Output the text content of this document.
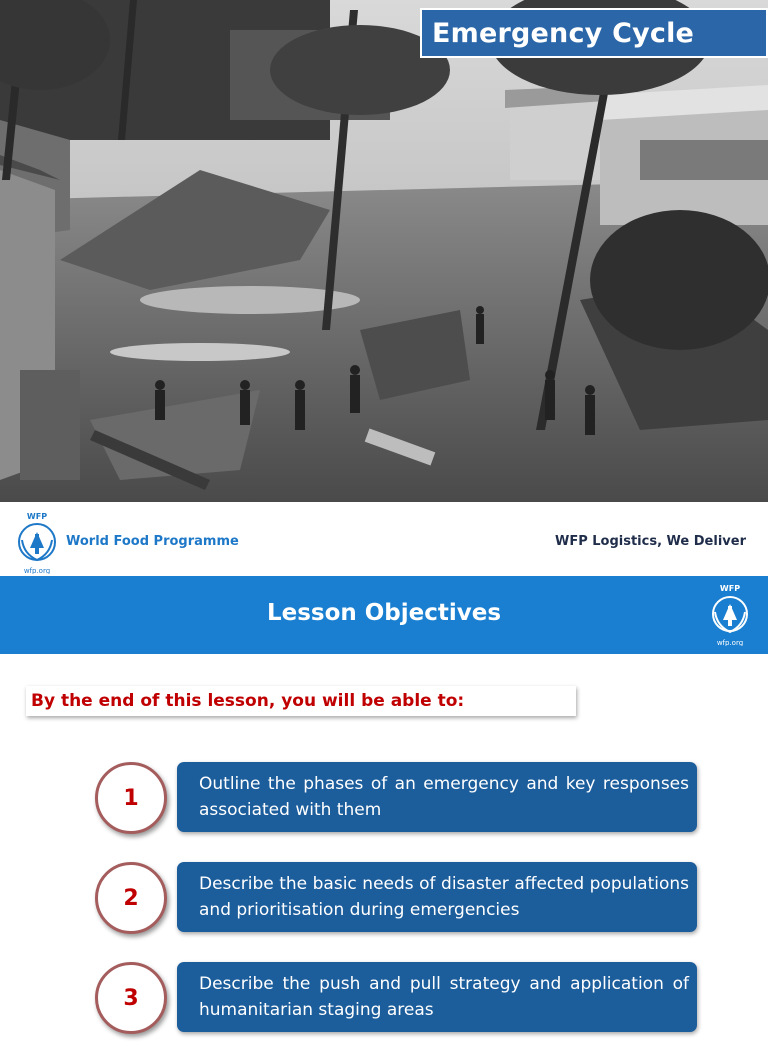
Emergency Cycle
WFP
wfp.org
World Food Programme	WFP Logistics, We Deliver
Lesson Objectives
WFP
wfp.org
By the end of this lesson, you will be able to:
1
Outline the phases of an emergency and key responses associated with them
2
Describe the basic needs of disaster affected populations and prioritisation during emergencies
3
Describe the push and pull strategy and application of humanitarian staging areas
